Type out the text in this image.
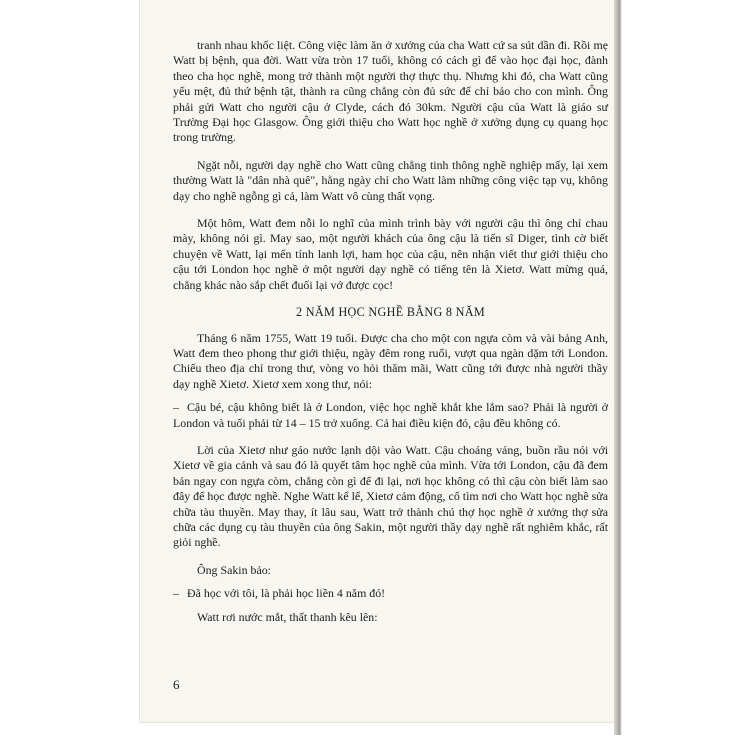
tranh nhau khốc liệt. Công việc làm ăn ở xưởng của cha Watt cứ sa sút dần đi. Rồi mẹ Watt bị bệnh, qua đời. Watt vừa tròn 17 tuổi, không có cách gì để vào học đại học, đành theo cha học nghề, mong trở thành một người thợ thực thụ. Nhưng khi đó, cha Watt cũng yếu mệt, đủ thứ bệnh tật, thành ra cũng chẳng còn đủ sức để chỉ bảo cho con mình. Ông phải gửi Watt cho người cậu ở Clyde, cách đó 30km. Người cậu của Watt là giáo sư Trường Đại học Glasgow. Ông giới thiệu cho Watt học nghề ở xưởng dụng cụ quang học trong trường.

Ngặt nỗi, người dạy nghề cho Watt cũng chẳng tinh thông nghề nghiệp mấy, lại xem thường Watt là "dân nhà quê", hằng ngày chỉ cho Watt làm những công việc tạp vụ, không dạy cho nghề ngỗng gì cả, làm Watt vô cùng thất vọng.

Một hôm, Watt đem nỗi lo nghĩ của mình trình bày với người cậu thì ông chỉ chau mày, không nói gì. May sao, một người khách của ông cậu là tiến sĩ Diger, tình cờ biết chuyện về Watt, lại mến tính lanh lợi, ham học của cậu, nên nhận viết thư giới thiệu cho cậu tới London học nghề ở một người dạy nghề có tiếng tên là Xietơ. Watt mừng quá, chẳng khác nào sắp chết đuối lại vớ được cọc!

2 NĂM HỌC NGHỀ BẰNG 8 NĂM

Tháng 6 năm 1755, Watt 19 tuổi. Được cha cho một con ngựa còm và vài bảng Anh, Watt đem theo phong thư giới thiệu, ngày đêm rong ruổi, vượt qua ngàn dặm tới London. Chiếu theo địa chỉ trong thư, vòng vo hỏi thăm mãi, Watt cũng tới được nhà người thầy dạy nghề Xietơ. Xietơ xem xong thư, nói:

– Cậu bé, cậu không biết là ở London, việc học nghề khắt khe lắm sao? Phải là người ở London và tuổi phải từ 14 – 15 trở xuống. Cả hai điều kiện đó, cậu đều không có.

Lời của Xietơ như gáo nước lạnh dội vào Watt. Cậu choáng váng, buồn rầu nói với Xietơ về gia cảnh và sau đó là quyết tâm học nghề của mình. Vừa tới London, cậu đã đem bán ngay con ngựa còm, chẳng còn gì để đi lại, nơi học không có thì cậu còn biết làm sao đây để học được nghề. Nghe Watt kể lể, Xietơ cảm động, cố tìm nơi cho Watt học nghề sửa chữa tàu thuyền. May thay, ít lâu sau, Watt trở thành chú thợ học nghề ở xưởng thợ sửa chữa các dụng cụ tàu thuyền của ông Sakin, một người thầy dạy nghề rất nghiêm khắc, rất giỏi nghề.

Ông Sakin bảo:

– Đã học với tôi, là phải học liền 4 năm đó!

Watt rơi nước mắt, thất thanh kêu lên:

6
